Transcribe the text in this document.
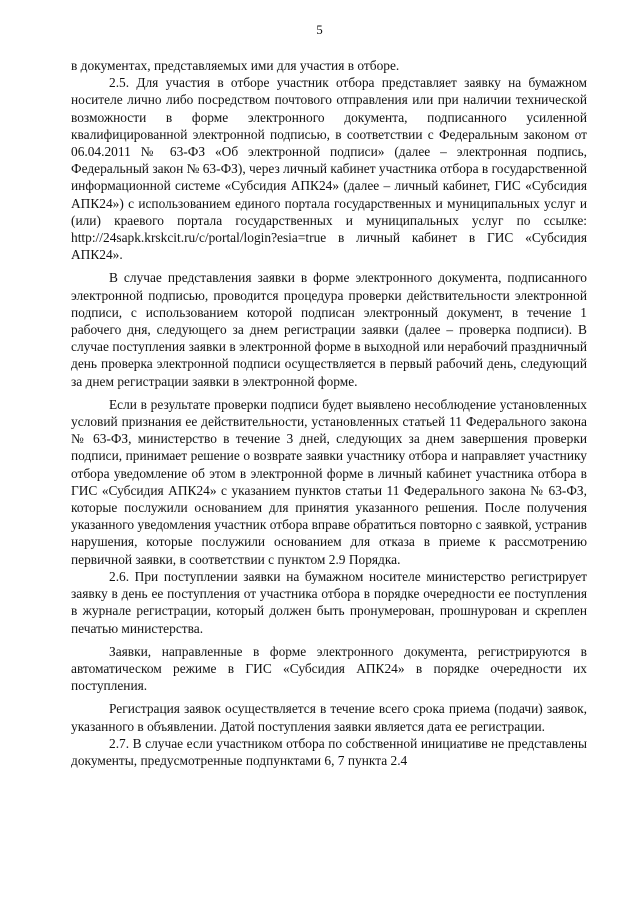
5

в документах, представляемых ими для участия в отборе.

2.5. Для участия в отборе участник отбора представляет заявку на бумажном носителе лично либо посредством почтового отправления или при наличии технической возможности в форме электронного документа, подписанного усиленной квалифицированной электронной подписью, в соответствии с Федеральным законом от 06.04.2011 № 63-ФЗ «Об электронной подписи» (далее – электронная подпись, Федеральный закон № 63-ФЗ), через личный кабинет участника отбора в государственной информационной системе «Субсидия АПК24» (далее – личный кабинет, ГИС «Субсидия АПК24») с использованием единого портала государственных и муниципальных услуг и (или) краевого портала государственных и муниципальных услуг по ссылке: http://24sapk.krskcit.ru/c/portal/login?esia=true в личный кабинет в ГИС «Субсидия АПК24».

В случае представления заявки в форме электронного документа, подписанного электронной подписью, проводится процедура проверки действительности электронной подписи, с использованием которой подписан электронный документ, в течение 1 рабочего дня, следующего за днем регистрации заявки (далее – проверка подписи). В случае поступления заявки в электронной форме в выходной или нерабочий праздничный день проверка электронной подписи осуществляется в первый рабочий день, следующий за днем регистрации заявки в электронной форме.

Если в результате проверки подписи будет выявлено несоблюдение установленных условий признания ее действительности, установленных статьей 11 Федерального закона № 63-ФЗ, министерство в течение 3 дней, следующих за днем завершения проверки подписи, принимает решение о возврате заявки участнику отбора и направляет участнику отбора уведомление об этом в электронной форме в личный кабинет участника отбора в ГИС «Субсидия АПК24» с указанием пунктов статьи 11 Федерального закона № 63-ФЗ, которые послужили основанием для принятия указанного решения. После получения указанного уведомления участник отбора вправе обратиться повторно с заявкой, устранив нарушения, которые послужили основанием для отказа в приеме к рассмотрению первичной заявки, в соответствии с пунктом 2.9 Порядка.

2.6. При поступлении заявки на бумажном носителе министерство регистрирует заявку в день ее поступления от участника отбора в порядке очередности ее поступления в журнале регистрации, который должен быть пронумерован, прошнурован и скреплен печатью министерства.

Заявки, направленные в форме электронного документа, регистрируются в автоматическом режиме в ГИС «Субсидия АПК24» в порядке очередности их поступления.

Регистрация заявок осуществляется в течение всего срока приема (подачи) заявок, указанного в объявлении. Датой поступления заявки является дата ее регистрации.

2.7. В случае если участником отбора по собственной инициативе не представлены документы, предусмотренные подпунктами 6, 7 пункта 2.4
